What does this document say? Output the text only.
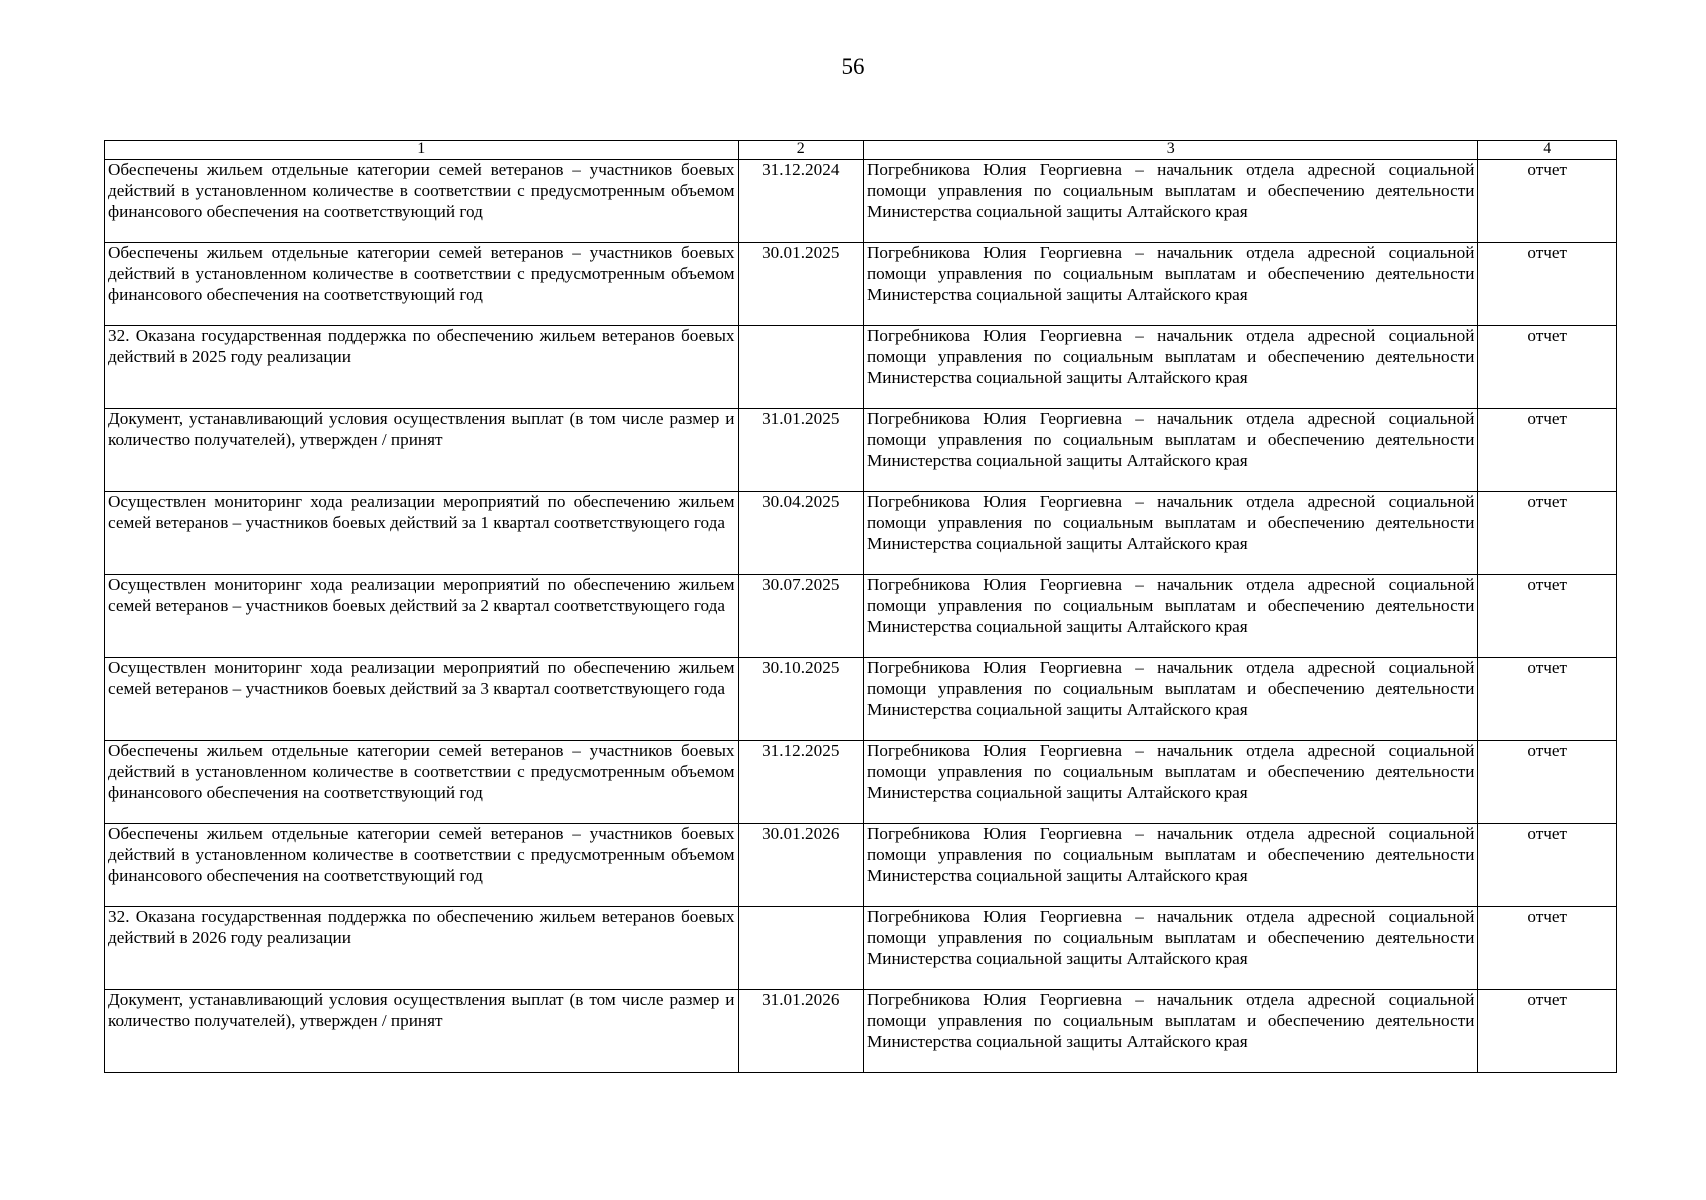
56
1	2	3	4
Обеспечены жильем отдельные категории семей ветеранов – участников боевых действий в установленном количестве в соответствии с предусмотренным объемом финансового обеспечения на соответствующий год	31.12.2024	Погребникова Юлия Георгиевна – начальник отдела адресной социальной помощи управления по социальным выплатам и обеспечению деятельности Министерства социальной защиты Алтайского края	отчет
Обеспечены жильем отдельные категории семей ветеранов – участников боевых действий в установленном количестве в соответствии с предусмотренным объемом финансового обеспечения на соответствующий год	30.01.2025	Погребникова Юлия Георгиевна – начальник отдела адресной социальной помощи управления по социальным выплатам и обеспечению деятельности Министерства социальной защиты Алтайского края	отчет
32. Оказана государственная поддержка по обеспечению жильем ветеранов боевых действий в 2025 году реализации		Погребникова Юлия Георгиевна – начальник отдела адресной социальной помощи управления по социальным выплатам и обеспечению деятельности Министерства социальной защиты Алтайского края	отчет
Документ, устанавливающий условия осуществления выплат (в том числе размер и количество получателей), утвержден / принят	31.01.2025	Погребникова Юлия Георгиевна – начальник отдела адресной социальной помощи управления по социальным выплатам и обеспечению деятельности Министерства социальной защиты Алтайского края	отчет
Осуществлен мониторинг хода реализации мероприятий по обеспечению жильем семей ветеранов – участников боевых действий за 1 квартал соответствующего года	30.04.2025	Погребникова Юлия Георгиевна – начальник отдела адресной социальной помощи управления по социальным выплатам и обеспечению деятельности Министерства социальной защиты Алтайского края	отчет
Осуществлен мониторинг хода реализации мероприятий по обеспечению жильем семей ветеранов – участников боевых действий за 2 квартал соответствующего года	30.07.2025	Погребникова Юлия Георгиевна – начальник отдела адресной социальной помощи управления по социальным выплатам и обеспечению деятельности Министерства социальной защиты Алтайского края	отчет
Осуществлен мониторинг хода реализации мероприятий по обеспечению жильем семей ветеранов – участников боевых действий за 3 квартал соответствующего года	30.10.2025	Погребникова Юлия Георгиевна – начальник отдела адресной социальной помощи управления по социальным выплатам и обеспечению деятельности Министерства социальной защиты Алтайского края	отчет
Обеспечены жильем отдельные категории семей ветеранов – участников боевых действий в установленном количестве в соответствии с предусмотренным объемом финансового обеспечения на соответствующий год	31.12.2025	Погребникова Юлия Георгиевна – начальник отдела адресной социальной помощи управления по социальным выплатам и обеспечению деятельности Министерства социальной защиты Алтайского края	отчет
Обеспечены жильем отдельные категории семей ветеранов – участников боевых действий в установленном количестве в соответствии с предусмотренным объемом финансового обеспечения на соответствующий год	30.01.2026	Погребникова Юлия Георгиевна – начальник отдела адресной социальной помощи управления по социальным выплатам и обеспечению деятельности Министерства социальной защиты Алтайского края	отчет
32. Оказана государственная поддержка по обеспечению жильем ветеранов боевых действий в 2026 году реализации		Погребникова Юлия Георгиевна – начальник отдела адресной социальной помощи управления по социальным выплатам и обеспечению деятельности Министерства социальной защиты Алтайского края	отчет
Документ, устанавливающий условия осуществления выплат (в том числе размер и количество получателей), утвержден / принят	31.01.2026	Погребникова Юлия Георгиевна – начальник отдела адресной социальной помощи управления по социальным выплатам и обеспечению деятельности Министерства социальной защиты Алтайского края	отчет
